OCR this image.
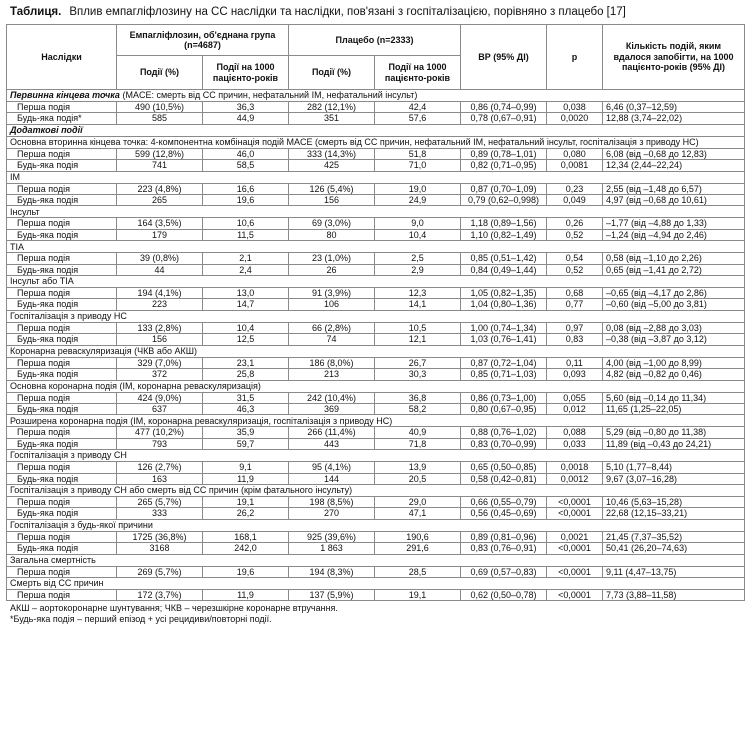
Таблиця. Вплив емпагліфлозину на СС наслідки та наслідки, пов'язані з госпіталізацією, порівняно з плацебо [17]
Наслідки	Емпагліфлозин, об'єднана група (n=4687)		Плацебо (n=2333)		ВР (95% ДІ)	p	Кількість подій, яким вдалося запобігти, на 1000 пацієнто-років (95% ДІ)
	Події (%)	Події на 1000 пацієнто-років	Події (%)	Події на 1000 пацієнто-років			
Первинна кінцева точка (MACE: смерть від СС причин, нефатальний ІМ, нефатальний інсульт)							
Перша подія	490 (10,5%)	36,3	282 (12,1%)	42,4	0,86 (0,74–0,99)	0,038	6,46 (0,37–12,59)
Будь-яка подія*	585	44,9	351	57,6	0,78 (0,67–0,91)	0,0020	12,88 (3,74–22,02)
Додаткові події							
Основна вторинна кінцева точка: 4-компонентна комбінація подій MACE (смерть від СС причин, нефатальний ІМ, нефатальний інсульт, госпіталізація з приводу НС)							
Перша подія	599 (12,8%)	46,0	333 (14,3%)	51,8	0,89 (0,78–1,01)	0,080	6,08 (від –0,68 до 12,83)
Будь-яка подія	741	58,5	425	71,0	0,82 (0,71–0,95)	0,0081	12,34 (2,44–22,24)
ІМ							
Перша подія	223 (4,8%)	16,6	126 (5,4%)	19,0	0,87 (0,70–1,09)	0,23	2,55 (від –1,48 до 6,57)
Будь-яка подія	265	19,6	156	24,9	0,79 (0,62–0,998)	0,049	4,97 (від –0,68 до 10,61)
Інсульт							
Перша подія	164 (3,5%)	10,6	69 (3,0%)	9,0	1,18 (0,89–1,56)	0,26	–1,77 (від –4,88 до 1,33)
Будь-яка подія	179	11,5	80	10,4	1,10 (0,82–1,49)	0,52	–1,24 (від –4,94 до 2,46)
TIA							
Перша подія	39 (0,8%)	2,1	23 (1,0%)	2,5	0,85 (0,51–1,42)	0,54	0,58 (від –1,10 до 2,26)
Будь-яка подія	44	2,4	26	2,9	0,84 (0,49–1,44)	0,52	0,65 (від –1,41 до 2,72)
Інсульт або TIA							
Перша подія	194 (4,1%)	13,0	91 (3,9%)	12,3	1,05 (0,82–1,35)	0,68	–0,65 (від –4,17 до 2,86)
Будь-яка подія	223	14,7	106	14,1	1,04 (0,80–1,36)	0,77	–0,60 (від –5,00 до 3,81)
Госпіталізація з приводу НС							
Перша подія	133 (2,8%)	10,4	66 (2,8%)	10,5	1,00 (0,74–1,34)	0,97	0,08 (від –2,88 до 3,03)
Будь-яка подія	156	12,5	74	12,1	1,03 (0,76–1,41)	0,83	–0,38 (від –3,87 до 3,12)
Коронарна реваскуляризація (ЧКВ або АКШ)							
Перша подія	329 (7,0%)	23,1	186 (8,0%)	26,7	0,87 (0,72–1,04)	0,11	4,00 (від –1,00 до 8,99)
Будь-яка подія	372	25,8	213	30,3	0,85 (0,71–1,03)	0,093	4,82 (від –0,82 до 0,46)
Основна коронарна подія (ІМ, коронарна реваскуляризація)							
Перша подія	424 (9,0%)	31,5	242 (10,4%)	36,8	0,86 (0,73–1,00)	0,055	5,60 (від –0,14 до 11,34)
Будь-яка подія	637	46,3	369	58,2	0,80 (0,67–0,95)	0,012	11,65 (1,25–22,05)
Розширена коронарна подія (ІМ, коронарна реваскуляризація, госпіталізація з приводу НС)							
Перша подія	477 (10,2%)	35,9	266 (11,4%)	40,9	0,88 (0,76–1,02)	0,088	5,29 (від –0,80 до 11,38)
Будь-яка подія	793	59,7	443	71,8	0,83 (0,70–0,99)	0,033	11,89 (від –0,43 до 24,21)
Госпіталізація з приводу СН							
Перша подія	126 (2,7%)	9,1	95 (4,1%)	13,9	0,65 (0,50–0,85)	0,0018	5,10 (1,77–8,44)
Будь-яка подія	163	11,9	144	20,5	0,58 (0,42–0,81)	0,0012	9,67 (3,07–16,28)
Госпіталізація з приводу СН або смерть від СС причин (крім фатального інсульту)							
Перша подія	265 (5,7%)	19,1	198 (8,5%)	29,0	0,66 (0,55–0,79)	<0,0001	10,46 (5,63–15,28)
Будь-яка подія	333	26,2	270	47,1	0,56 (0,45–0,69)	<0,0001	22,68 (12,15–33,21)
Госпіталізація з будь-якої причини							
Перша подія	1725 (36,8%)	168,1	925 (39,6%)	190,6	0,89 (0,81–0,96)	0,0021	21,45 (7,37–35,52)
Будь-яка подія	3168	242,0	1 863	291,6	0,83 (0,76–0,91)	<0,0001	50,41 (26,20–74,63)
Загальна смертність							
Перша подія	269 (5,7%)	19,6	194 (8,3%)	28,5	0,69 (0,57–0,83)	<0,0001	9,11 (4,47–13,75)
Смерть від СС причин							
Перша подія	172 (3,7%)	11,9	137 (5,9%)	19,1	0,62 (0,50–0,78)	<0,0001	7,73 (3,88–11,58)
АКШ – аортокоронарне шунтування; ЧКВ – черезшкірне коронарне втручання.
*Будь-яка подія – перший епізод + усі рецидиви/повторні події.
